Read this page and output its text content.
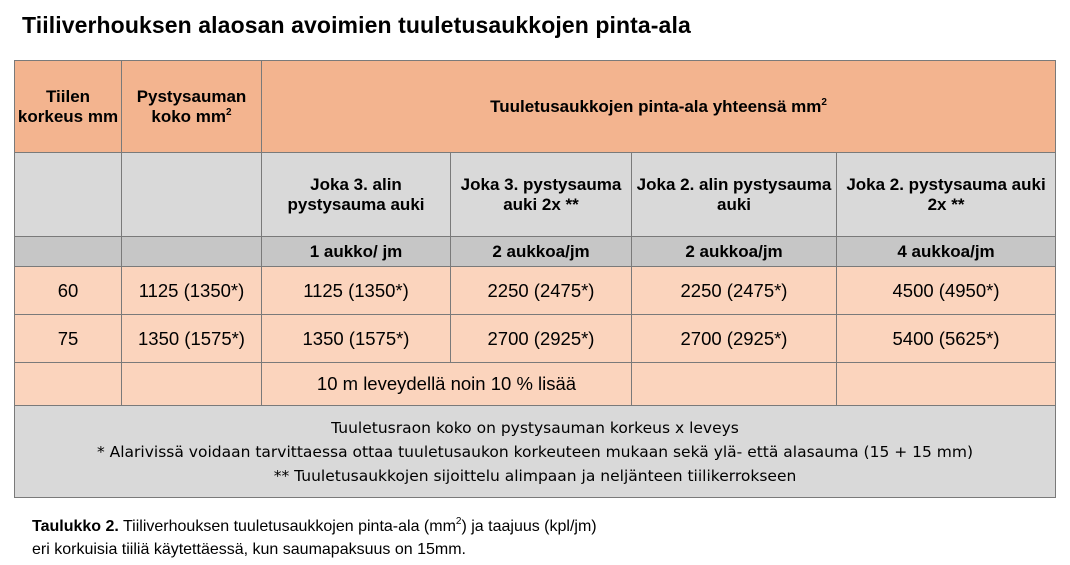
Tiiliverhouksen alaosan avoimien tuuletusaukkojen pinta-ala
Tiilen korkeus mm	Pystysauman koko $mm^2$	Tuuletusaukkojen pinta-ala yhteensä $mm^2$
		Joka 3. alin pystysauma auki	Joka 3. pystysauma auki 2x **	Joka 2. alin pystysauma auki	Joka 2. pystysauma auki 2x **
		1 aukko/ jm	2 aukkoa/jm	2 aukkoa/jm	4 aukkoa/jm
60	1125 (1350*)	1125 (1350*)	2250 (2475*)	2250 (2475*)	4500 (4950*)
75	1350 (1575*)	1350 (1575*)	2700 (2925*)	2700 (2925*)	5400 (5625*)
		10 m leveydellä noin 10 % lisää			

Tuuletusraon koko on pystysauman korkeus x leveys
* Alarivissä voidaan tarvittaessa ottaa tuuletusaukon korkeuteen mukaan sekä ylä- että alasauma (15 + 15 mm)
** Tuuletusaukkojen sijoittelu alimpaan ja neljänteen tiilikerrokseen					
Taulukko 2. Tiiliverhouksen tuuletusaukkojen pinta-ala $(mm^2)$ ja taajuus (kpl/jm)
eri korkuisia tiiliä käytettäessä, kun saumapaksuus on 15mm.
